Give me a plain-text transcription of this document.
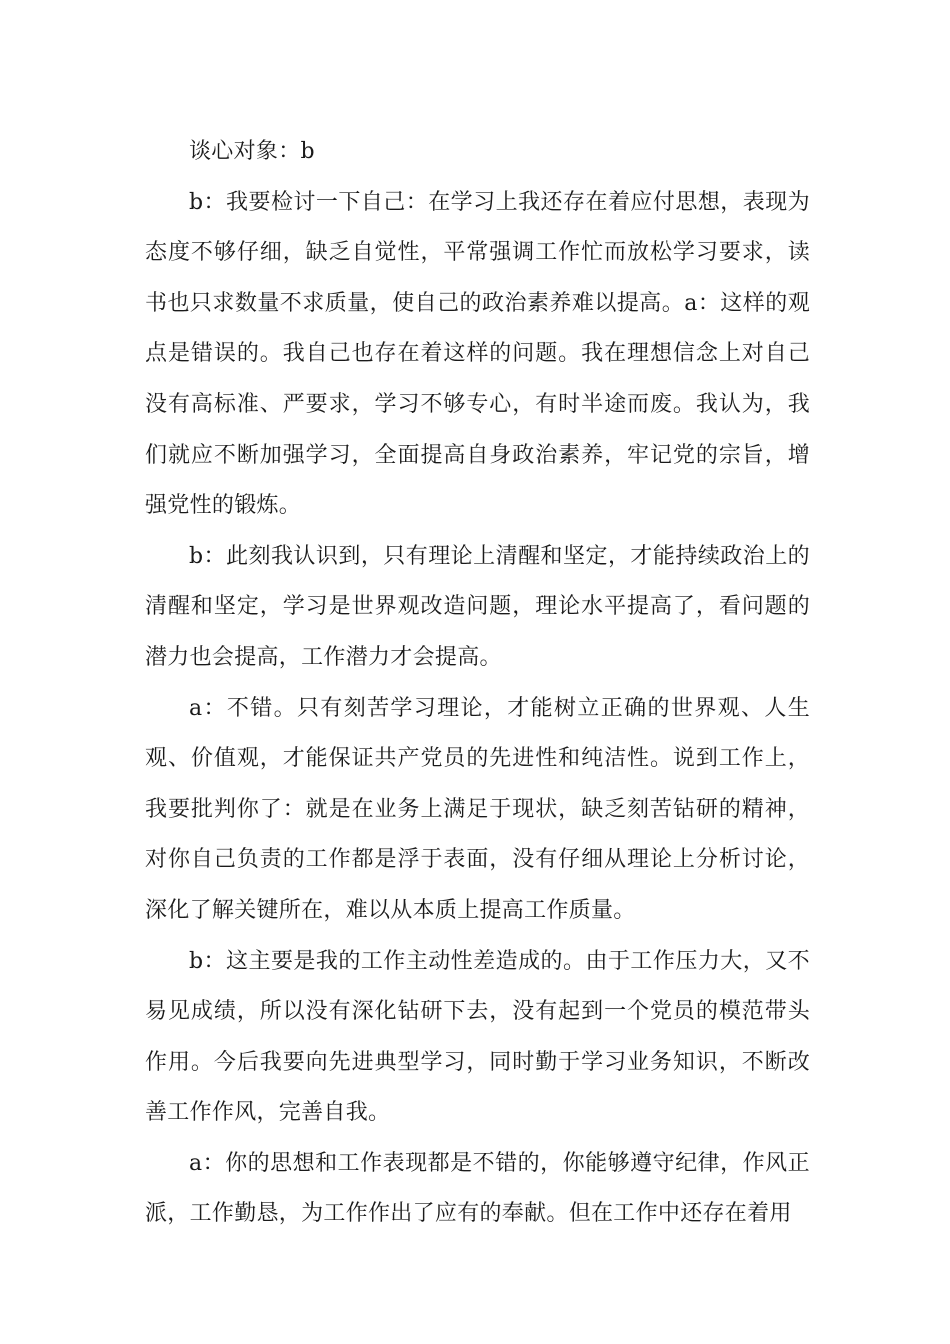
谈心对象：b

b：我要检讨一下自己：在学习上我还存在着应付思想，表现为态度不够仔细，缺乏自觉性，平常强调工作忙而放松学习要求，读书也只求数量不求质量，使自己的政治素养难以提高。a：这样的观点是错误的。我自己也存在着这样的问题。我在理想信念上对自己没有高标准、严要求，学习不够专心，有时半途而废。我认为，我们就应不断加强学习，全面提高自身政治素养，牢记党的宗旨，增强党性的锻炼。

b：此刻我认识到，只有理论上清醒和坚定，才能持续政治上的清醒和坚定，学习是世界观改造问题，理论水平提高了，看问题的潜力也会提高，工作潜力才会提高。

a：不错。只有刻苦学习理论，才能树立正确的世界观、人生观、价值观，才能保证共产党员的先进性和纯洁性。说到工作上，我要批判你了：就是在业务上满足于现状，缺乏刻苦钻研的精神，对你自己负责的工作都是浮于表面，没有仔细从理论上分析讨论，深化了解关键所在，难以从本质上提高工作质量。

b：这主要是我的工作主动性差造成的。由于工作压力大，又不易见成绩，所以没有深化钻研下去，没有起到一个党员的模范带头作用。今后我要向先进典型学习，同时勤于学习业务知识，不断改善工作作风，完善自我。

a：你的思想和工作表现都是不错的，你能够遵守纪律，作风正派，工作勤恳，为工作作出了应有的奉献。但在工作中还存在着用
